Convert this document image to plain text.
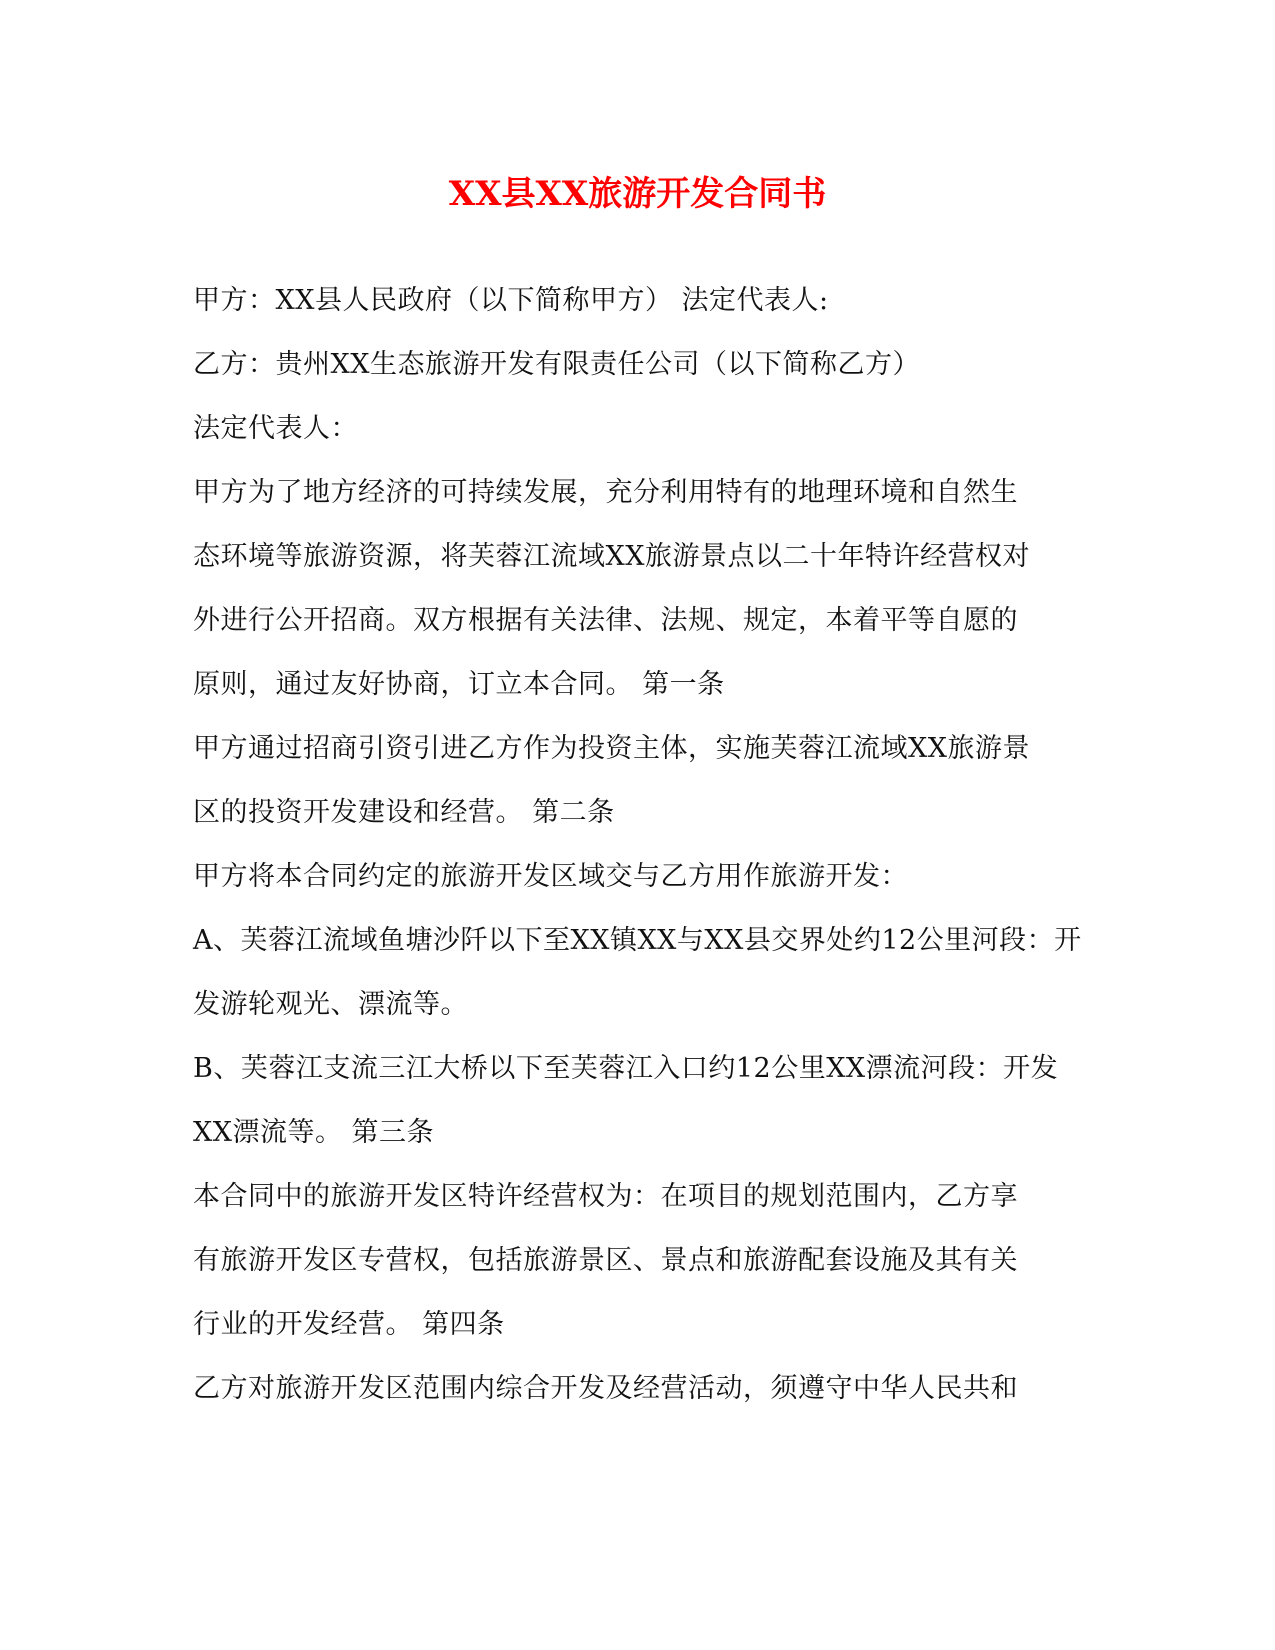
XX县XX旅游开发合同书
甲方：XX县人民政府（以下简称甲方） 法定代表人:
乙方：贵州XX生态旅游开发有限责任公司（以下简称乙方）
法定代表人：
甲方为了地方经济的可持续发展，充分利用特有的地理环境和自然生
态环境等旅游资源，将芙蓉江流域XX旅游景点以二十年特许经营权对
外进行公开招商。双方根据有关法律、法规、规定，本着平等自愿的
原则，通过友好协商，订立本合同。 第一条
甲方通过招商引资引进乙方作为投资主体，实施芙蓉江流域XX旅游景
区的投资开发建设和经营。 第二条
甲方将本合同约定的旅游开发区域交与乙方用作旅游开发：
A、芙蓉江流域鱼塘沙阡以下至XX镇XX与XX县交界处约12公里河段：开
发游轮观光、漂流等。
B、芙蓉江支流三江大桥以下至芙蓉江入口约12公里XX漂流河段：开发
XX漂流等。 第三条
本合同中的旅游开发区特许经营权为：在项目的规划范围内，乙方享
有旅游开发区专营权，包括旅游景区、景点和旅游配套设施及其有关
行业的开发经营。 第四条
乙方对旅游开发区范围内综合开发及经营活动，须遵守中华人民共和
